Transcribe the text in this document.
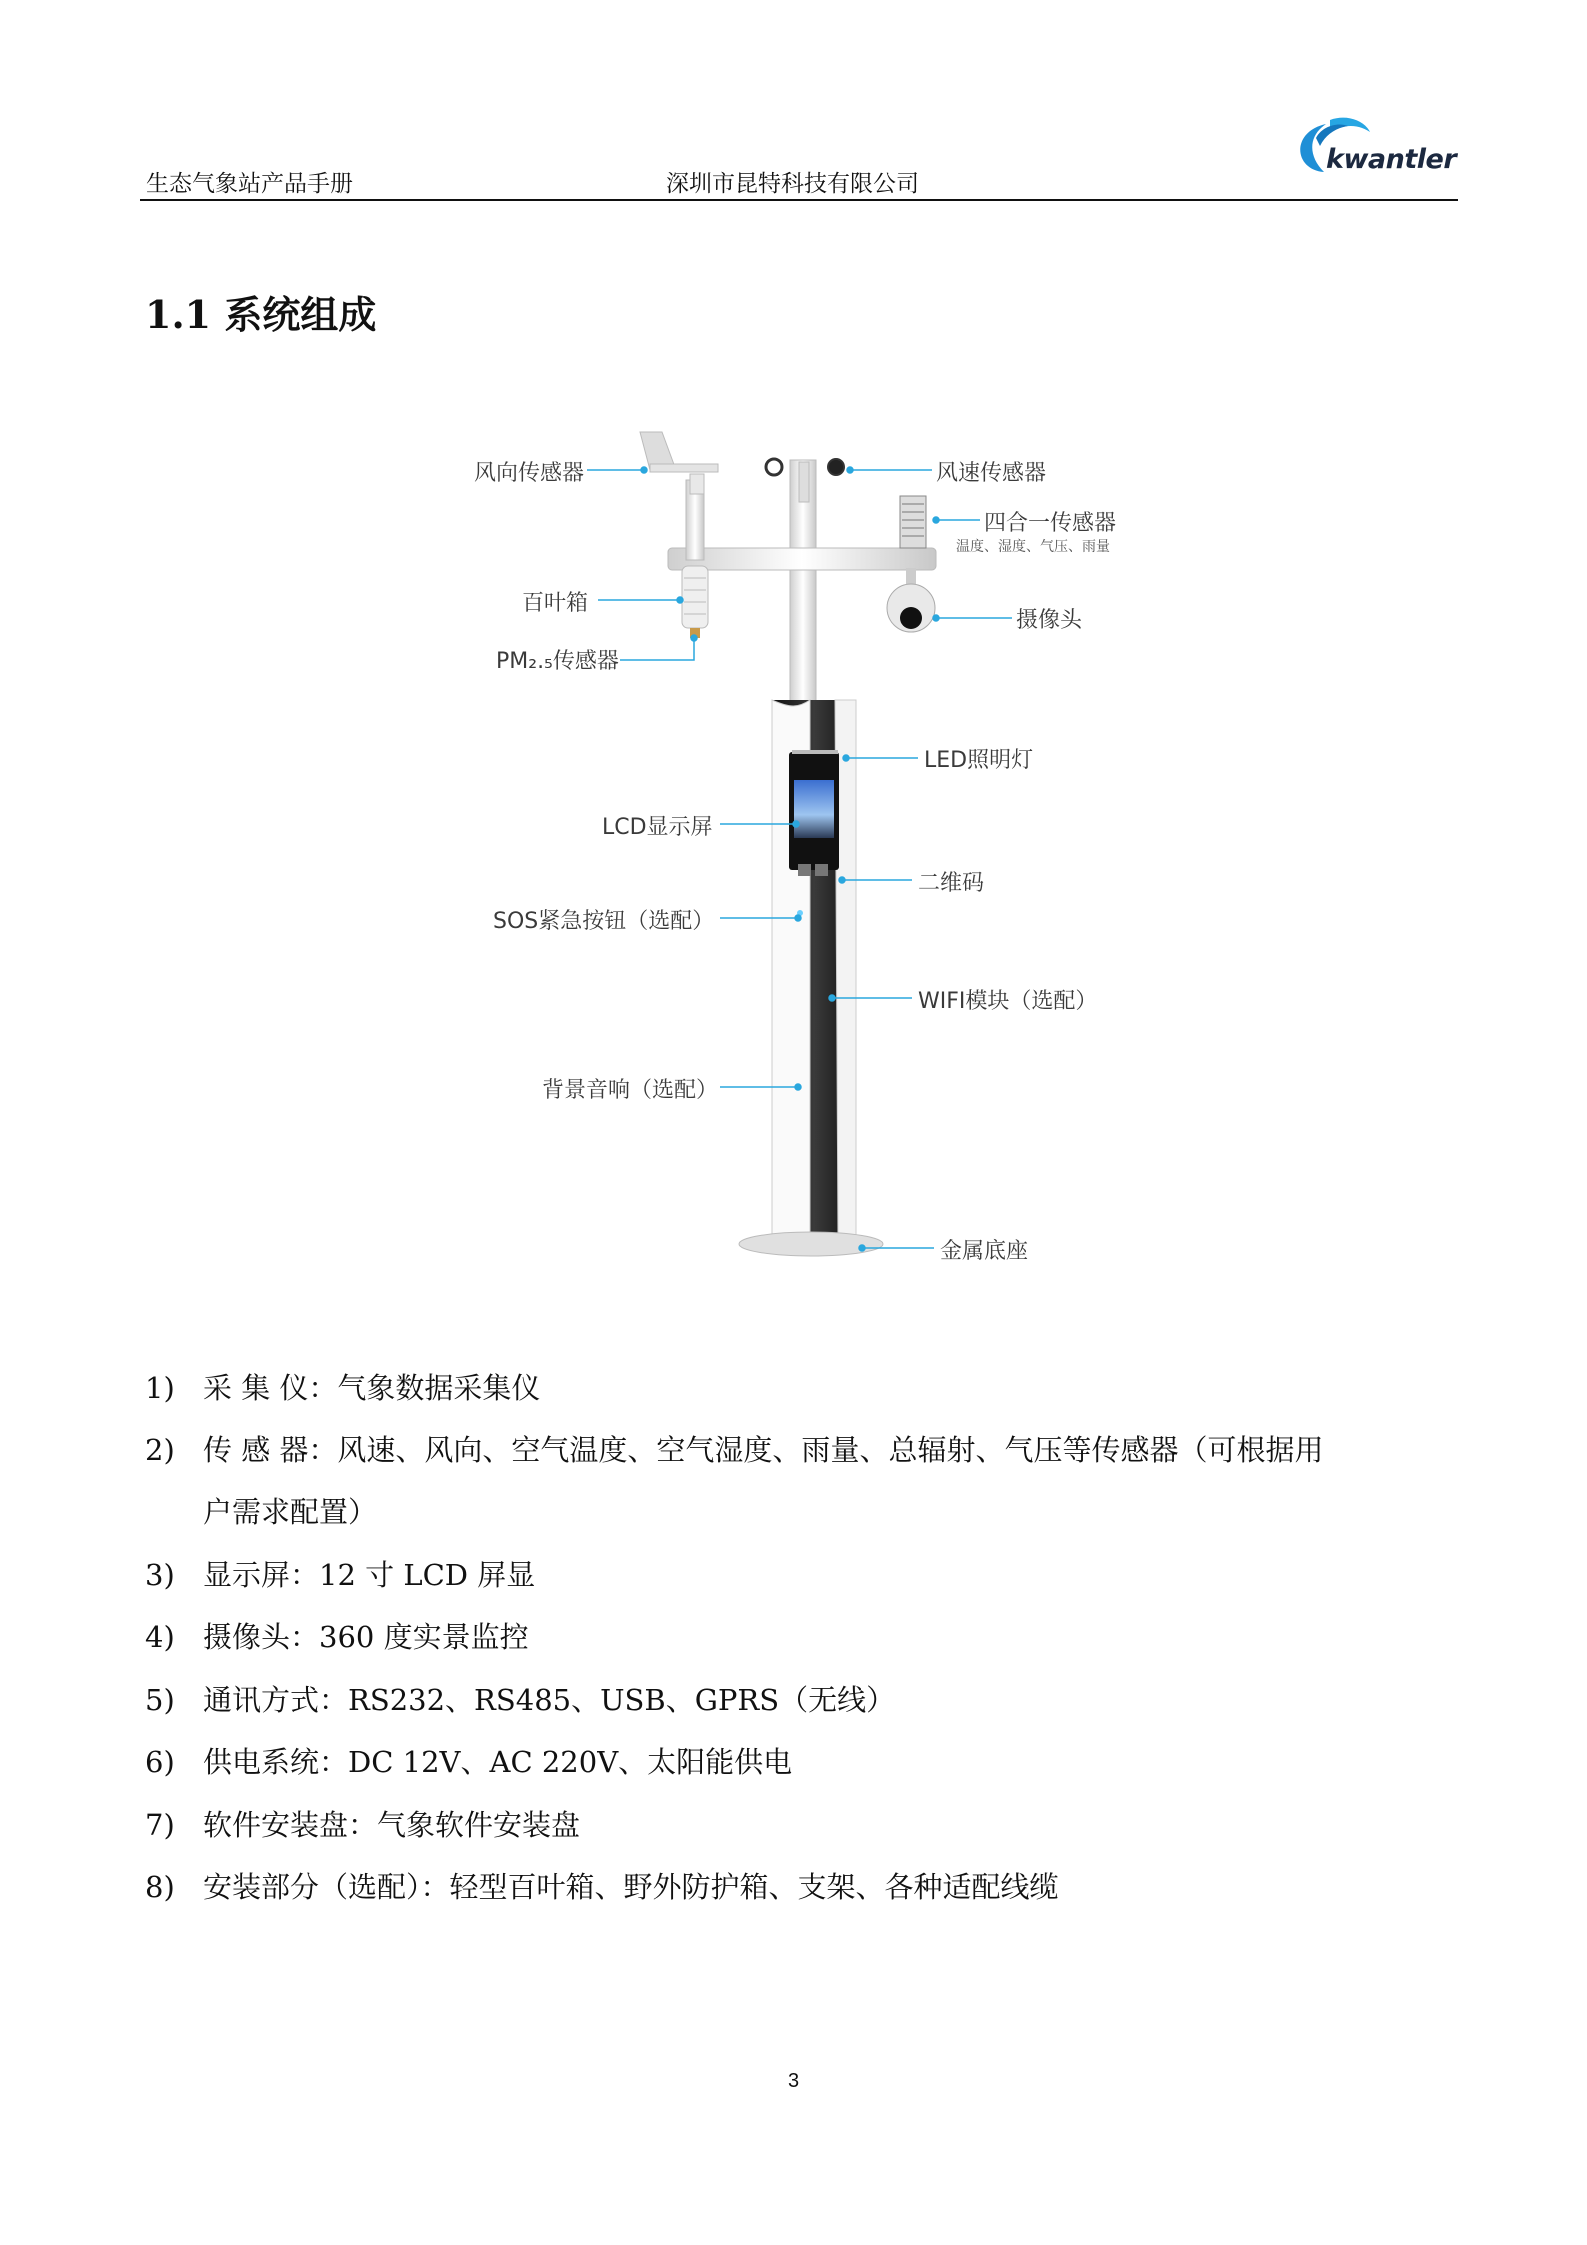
生态气象站产品手册	深圳市昆特科技有限公司
kwantler
1.1 系统组成
风向传感器	风速传感器
四合一传感器
温度、湿度、气压、雨量
百叶箱
PM₂.₅传感器
摄像头
LED照明灯
LCD显示屏
二维码
SOS紧急按钮（选配）
WIFI模块（选配）
背景音响（选配）
金属底座
1) 采 集 仪：气象数据采集仪
2) 传 感 器：风速、风向、空气温度、空气湿度、雨量、总辐射、气压等传感器（可根据用
户需求配置）
3) 显示屏：12 寸 LCD 屏显
4) 摄像头：360 度实景监控
5) 通讯方式：RS232、RS485、USB、GPRS（无线）
6) 供电系统：DC 12V、AC 220V、太阳能供电
7) 软件安装盘：气象软件安装盘
8) 安装部分（选配）：轻型百叶箱、野外防护箱、支架、各种适配线缆
3
